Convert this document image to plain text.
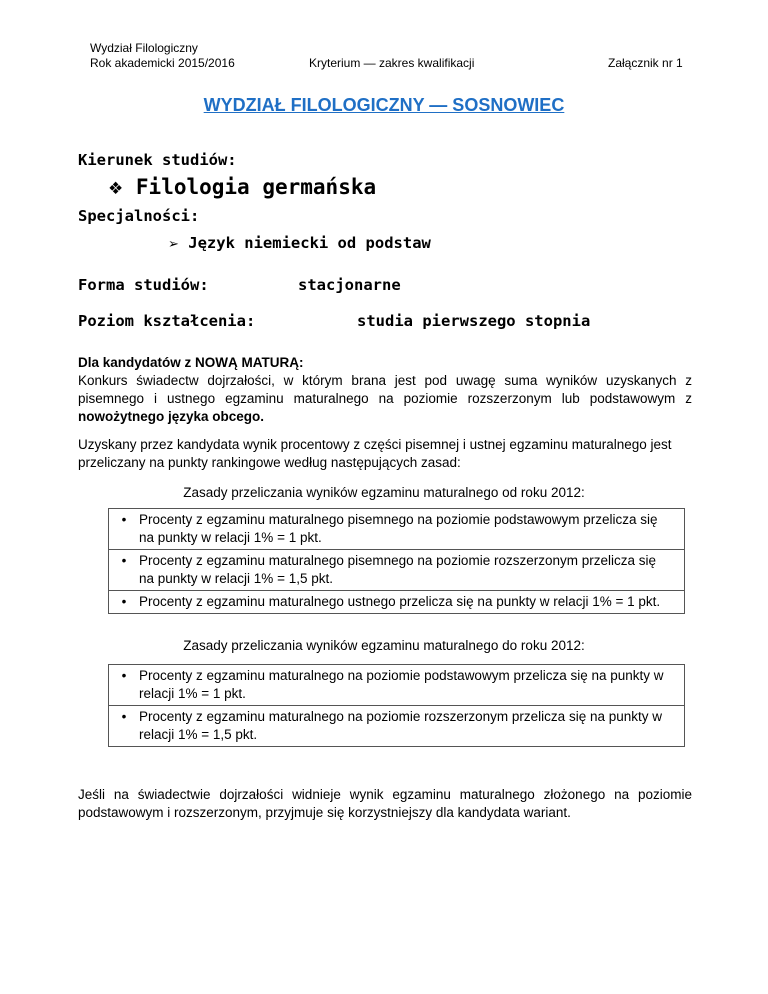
Wydział Filologiczny
Rok akademicki 2015/2016	Kryterium — zakres kwalifikacji	Załącznik nr 1
WYDZIAŁ FILOLOGICZNY — SOSNOWIEC
Kierunek studiów:
❖ Filologia germańska
Specjalności:
➢ Język niemiecki od podstaw
Forma studiów:	stacjonarne
Poziom kształcenia:	studia pierwszego stopnia
Dla kandydatów z NOWĄ MATURĄ:
Konkurs świadectw dojrzałości, w którym brana jest pod uwagę suma wyników uzyskanych z pisemnego i ustnego egzaminu maturalnego na poziomie rozszerzonym lub podstawowym z nowożytnego języka obcego.
Uzyskany przez kandydata wynik procentowy z części pisemnej i ustnej egzaminu maturalnego jest przeliczany na punkty rankingowe według następujących zasad:
Zasady przeliczania wyników egzaminu maturalnego od roku 2012:
• Procenty z egzaminu maturalnego pisemnego na poziomie podstawowym przelicza się na punkty w relacji 1% = 1 pkt.
• Procenty z egzaminu maturalnego pisemnego na poziomie rozszerzonym przelicza się na punkty w relacji 1% = 1,5 pkt.
• Procenty z egzaminu maturalnego ustnego przelicza się na punkty w relacji 1% = 1 pkt.
Zasady przeliczania wyników egzaminu maturalnego do roku 2012:
• Procenty z egzaminu maturalnego na poziomie podstawowym przelicza się na punkty w relacji 1% = 1 pkt.
• Procenty z egzaminu maturalnego na poziomie rozszerzonym przelicza się na punkty w relacji 1% = 1,5 pkt.
Jeśli na świadectwie dojrzałości widnieje wynik egzaminu maturalnego złożonego na poziomie podstawowym i rozszerzonym, przyjmuje się korzystniejszy dla kandydata wariant.
